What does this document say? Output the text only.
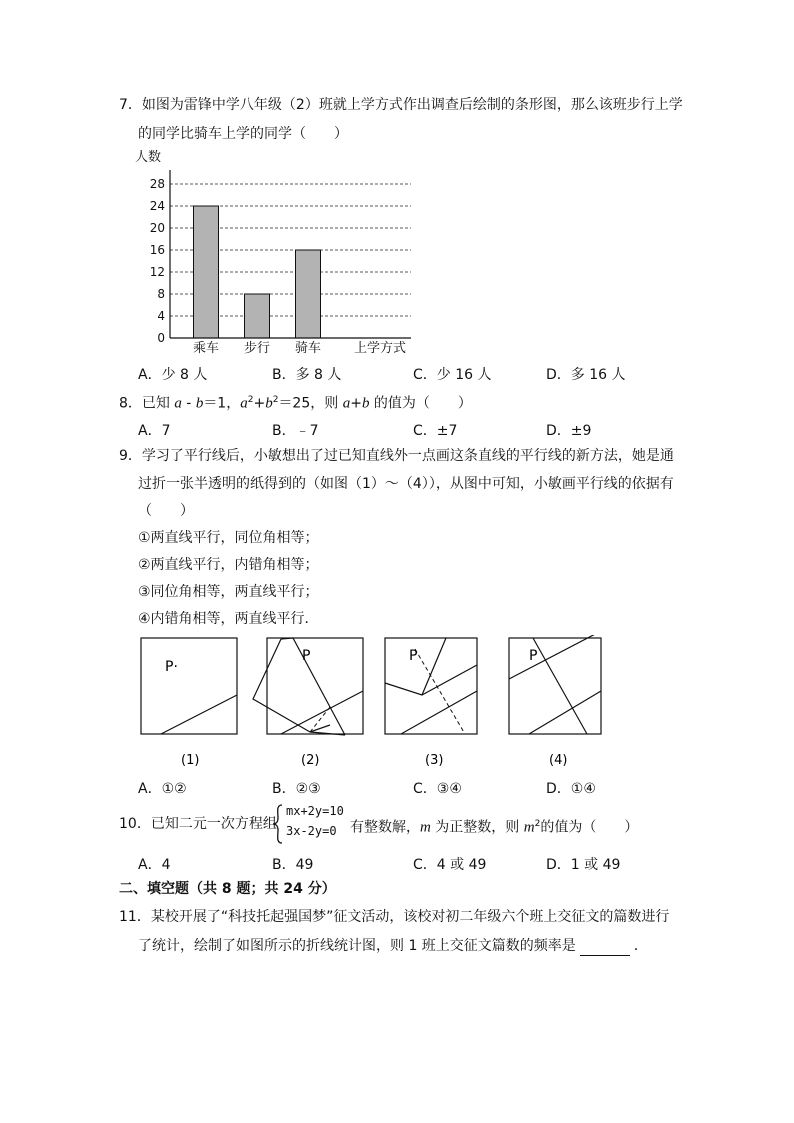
7．如图为雷锋中学八年级（2）班就上学方式作出调查后绘制的条形图，那么该班步行上学
的同学比骑车上学的同学（　　）
0
4
8
12
16
20
24
28
乘车 步行 骑车
人数
上学方式
A．少 8 人	B．多 8 人	C．少 16 人	D．多 16 人
8．已知 a - b＝1，$a^2+b^2=25$，则 a+b 的值为（　　）
A．7	B．﹣7	C．±7	D．±9
9．学习了平行线后，小敏想出了过已知直线外一点画这条直线的平行线的新方法，她是通
过折一张半透明的纸得到的（如图（1）～（4）），从图中可知，小敏画平行线的依据有
（　　）
①两直线平行，同位角相等；
②两直线平行，内错角相等；
③同位角相等，两直线平行；
④内错角相等，两直线平行．
P·
(1)
P
(2)
P
(3)
P
(4)
A．①②	B．②③	C．③④	D．①④
10．已知二元一次方程组
mx+2y=10
3x-2y=0 有整数解，m 为正整数，则 $m^2$的值为（　　）
A．4	B．49	C．4 或 49	D．1 或 49
二、填空题（共 8 题；共 24 分）
11．某校开展了“科技托起强国梦”征文活动，该校对初二年级六个班上交征文的篇数进行
了统计，绘制了如图所示的折线统计图，则 1 班上交征文篇数的频率是	．
